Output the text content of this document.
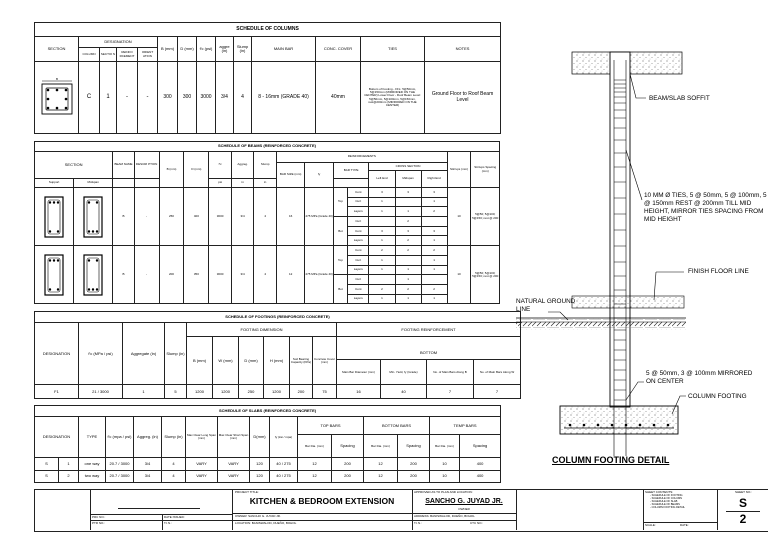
SCHEDULE OF COLUMNS													
SECTION	DESIGNATION				B (mm)	D (mm)	f'c (psi)	aggre (in)	Slump (in)	MAIN BAR	CONC. COVER	TIES	NOTES
	COLUMN	SECTIO N	REINFO RCEMENT	ORIENT ATION									

B	C	1	-	-	300	300	3000	3/4	4	8 - 16mm (GRADE 40)	40mm	Bottom of Footing - FFL: 5@50mm, 5@150mm (MIRRORED ON THE CENTER) Lower Floor - Roof Beam Level: 5@50mm, 5@100mm, 5@150mm, rest@200mm (MIRRORED ON THE CENTER)	Ground Floor to Roof Beam Level
SCHEDULE OF BEAMS (REINFORCED CONCRETE)																	
SECTION		BEAM NAME	DESCRI PTION	B (mm)	D (mm)	f'c	Aggreg.	Slump	REINFORCEMENTS							Stirrups (mm)	Stirrups Spacing (mm)
									BAR SIZE (mm)	fy	BAR TYPE		CROSS SECTION				
													Left End	Midspan	Right End		
Support	Midspan					psi	in	in									

	B	-	250	400	3000	3/4	4	16	275 MPa (Grade 40)	Top	Cont	3	3	3	10	5@50; 5@100; 5@150; rest @ 200
												Curt	1		1		
												Layers	1	1	2		
											Bot	Curt		2			
												Cont	3	3	3		
												Layers	1	2	1		

	B	-	200	350	3000	3/4	4	12	275 MPa (Grade 40)	Top	Cont	2	2	2	10	5@50; 5@100; 5@150; rest @ 200
												Curt	1		1		
												Layers	1	1	1		
											Bot	Curt		1			
												Cont	2	2	2		
												Layers	1	1	1		
SCHEDULE OF FOOTINGS (REINFORCED CONCRETE)													
DESIGNATION	f'c (MPa / psi)	Aggregate (in)	Slump (in)	FOOTING DIMENSION						FOOTING REINFORCEMENT			
				B (mm)	W (mm)	D (mm)	H (mm)	Soil Bearing Capacity (KPa)	Concrete Cover (mm)				
										BOTTOM			
										Main Bar Diameter (mm)	Min. Yield, fy (Grade)	No. of Main Bars Along B	No. of Main Bars Along W
F1	21 / 3000	1	5	1200	1200	250	1200	200	75	16	40	7	7
SCHEDULE OF SLABS (REINFORCED CONCRETE)															
DESIGNATION		TYPE	f'c (mpa / psi)	Aggreg. (in)	Slump (in)	Max Clear Long Span (mm)	Max Clear Short Span (mm)	D(mm)	fy (ksi / mpa)	TOP BARS		BOTTOM BARS		TEMP BARS	
										Bar Dia. (mm)	Spacing	Bar Dia. (mm)	Spacing	Bar Dia. (mm)	Spacing
S	1	one way	20.7 / 3000	3/4	4	VARY	VARY	120	40 / 275	12	200	12	200	10	400
S	2	two way	20.7 / 3000	3/4	4	VARY	VARY	120	40 / 275	12	200	12	200	10	400
BEAM/SLAB SOFFIT
10 MM Ø TIES, 5 @ 50mm, 5 @ 100mm, 5 @ 150mm REST @ 200mm TILL MID HEIGHT, MIRROR TIES SPACING FROM MID HEIGHT
FINISH FLOOR LINE
NATURAL GROUND LINE
5 @ 50mm, 3 @ 100mm MIRRORED ON CENTER
COLUMN FOOTING
COLUMN FOOTING DETAIL
PRC NO.:
PTR NO.:
DATE ISSUED:
T.I.N.:
PROJECT TITLE:
KITCHEN & BEDROOM EXTENSION
OWNER: SANCHO G. JUYAD JR.
LOCATION: BANISWALOD, DUEÑO, BOHOL
APPROVED AS TO PLAN AND LOCATION:
SANCHO G. JUYAD JR.
OWNER
ADDRESS: BANISWALOD, DUEÑO, BOHOL
T.I.N.:	CTC NO.:
SHEET CONTENTS:
- SCHEDULE OF FOOTING
- SCHEDULE OF COLUMN
- SCHEDULE OF SLAB
- SCHEDULE OF BEAMS
- COLUMN FOOTING DETAIL
SCALE:	DATE:
SHEET NO.:
S
2
